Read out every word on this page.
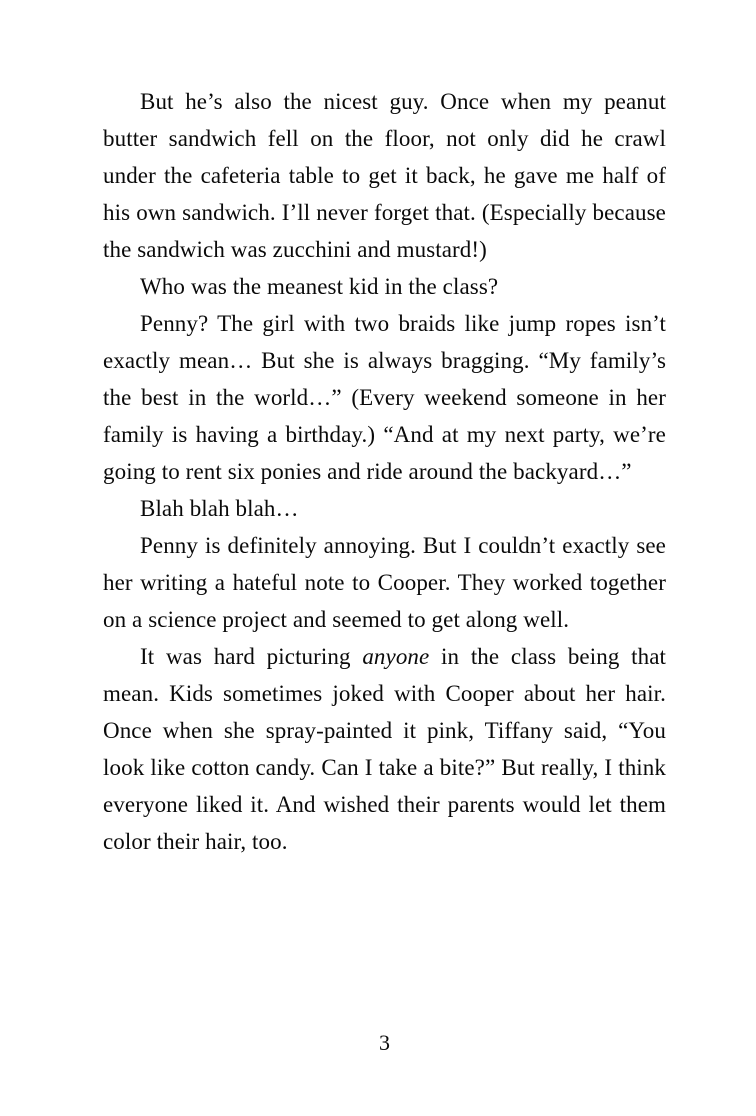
But he’s also the nicest guy. Once when my peanut butter sandwich fell on the floor, not only did he crawl under the cafeteria table to get it back, he gave me half of his own sandwich. I’ll never forget that. (Especially because the sandwich was zucchini and mustard!)

Who was the meanest kid in the class?

Penny? The girl with two braids like jump ropes isn’t exactly mean… But she is always bragging. “My family’s the best in the world…” (Every weekend someone in her family is having a birthday.) “And at my next party, we’re going to rent six ponies and ride around the backyard…”

Blah blah blah…

Penny is definitely annoying. But I couldn’t exactly see her writing a hateful note to Cooper. They worked together on a science project and seemed to get along well.

It was hard picturing anyone in the class being that mean. Kids sometimes joked with Cooper about her hair. Once when she spray-painted it pink, Tiffany said, “You look like cotton candy. Can I take a bite?” But really, I think everyone liked it. And wished their parents would let them color their hair, too.

3
